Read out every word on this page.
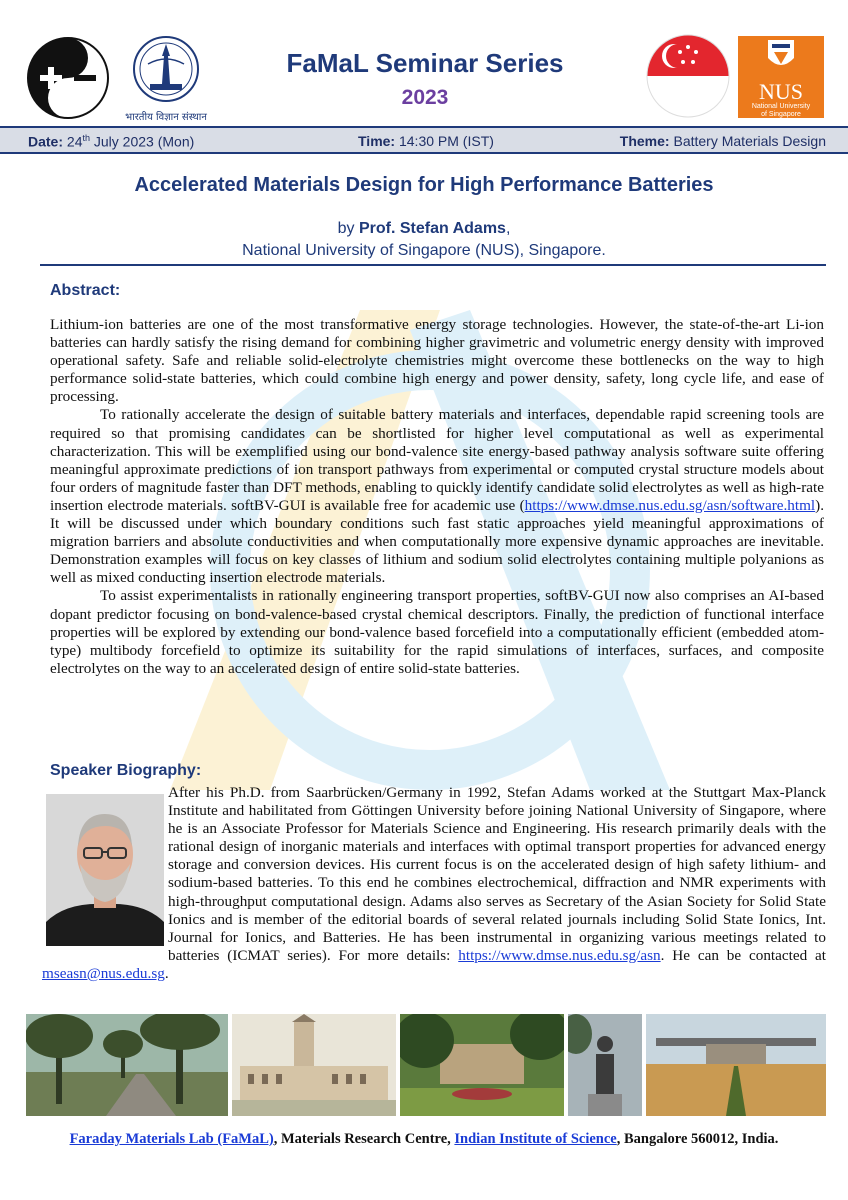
भारतीय विज्ञान संस्थान
FaMaL Seminar Series
2023	NUS
National University
of Singapore
Date: 24th July 2023 (Mon)	Time: 14:30 PM (IST)	Theme: Battery Materials Design
Accelerated Materials Design for High Performance Batteries
by Prof. Stefan Adams,
National University of Singapore (NUS), Singapore.
Abstract:

Lithium-ion batteries are one of the most transformative energy storage technologies. However, the state-of-the-art Li-ion batteries can hardly satisfy the rising demand for combining higher gravimetric and volumetric energy density with improved operational safety. Safe and reliable solid-electrolyte chemistries might overcome these bottlenecks on the way to high performance solid-state batteries, which could combine high energy and power density, safety, long cycle life, and ease of processing.

To rationally accelerate the design of suitable battery materials and interfaces, dependable rapid screening tools are required so that promising candidates can be shortlisted for higher level computational as well as experimental characterization. This will be exemplified using our bond-valence site energy-based pathway analysis software suite offering meaningful approximate predictions of ion transport pathways from experimental or computed crystal structure models about four orders of magnitude faster than DFT methods, enabling to quickly identify candidate solid electrolytes as well as high-rate insertion electrode materials. softBV-GUI is available free for academic use (https://www.dmse.nus.edu.sg/asn/software.html). It will be discussed under which boundary conditions such fast static approaches yield meaningful approximations of migration barriers and absolute conductivities and when computationally more expensive dynamic approaches are inevitable. Demonstration examples will focus on key classes of lithium and sodium solid electrolytes containing multiple polyanions as well as mixed conducting insertion electrode materials.

To assist experimentalists in rationally engineering transport properties, softBV-GUI now also comprises an AI-based dopant predictor focusing on bond-valence-based crystal chemical descriptors. Finally, the prediction of functional interface properties will be explored by extending our bond-valence based forcefield into a computationally efficient (embedded atom-type) multibody forcefield to optimize its suitability for the rapid simulations of interfaces, surfaces, and composite electrolytes on the way to an accelerated design of entire solid-state batteries.

Speaker Biography:

After his Ph.D. from Saarbrücken/Germany in 1992, Stefan Adams worked at the Stuttgart Max-Planck Institute and habilitated from Göttingen University before joining National University of Singapore, where he is an Associate Professor for Materials Science and Engineering. His research primarily deals with the rational design of inorganic materials and interfaces with optimal transport properties for advanced energy storage and conversion devices. His current focus is on the accelerated design of high safety lithium- and sodium-based batteries. To this end he combines electrochemical, diffraction and NMR experiments with high-throughput computational design. Adams also serves as Secretary of the Asian Society for Solid State Ionics and is member of the editorial boards of several related journals including Solid State Ionics, Int. Journal for Ionics, and Batteries. He has been instrumental in organizing various meetings related to batteries (ICMAT series). For more details: https://www.dmse.nus.edu.sg/asn. He can be contacted at mseasn@nus.edu.sg.

Faraday Materials Lab (FaMaL), Materials Research Centre, Indian Institute of Science, Bangalore 560012, India.
